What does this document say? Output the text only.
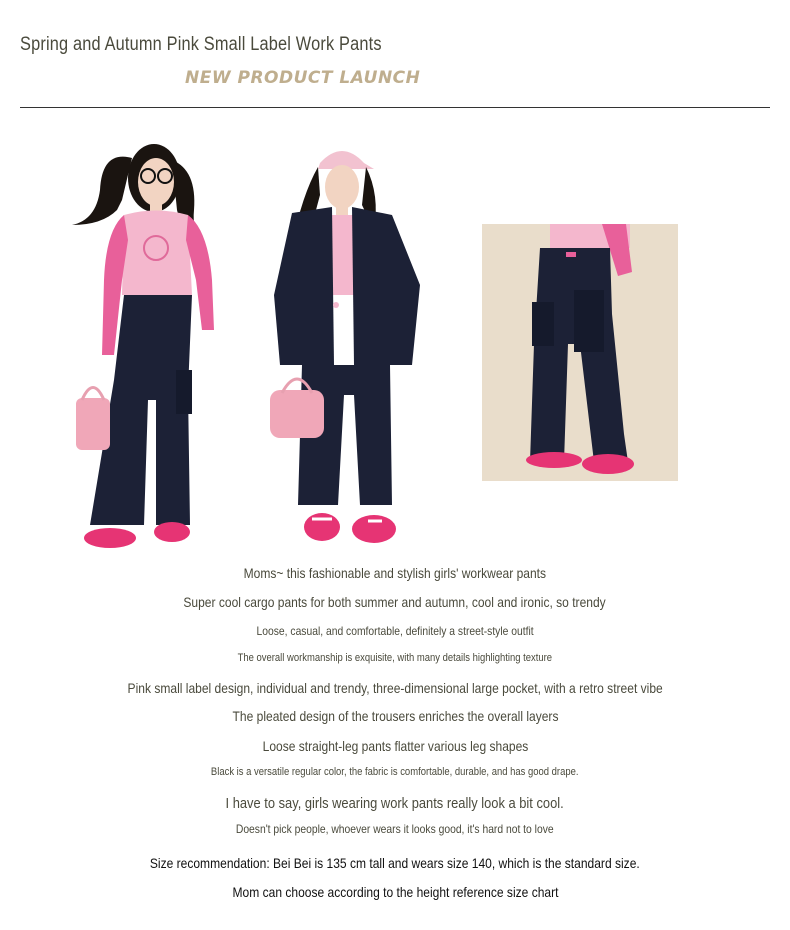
Spring and Autumn Pink Small Label Work Pants
NEW PRODUCT LAUNCH
Moms~ this fashionable and stylish girls' workwear pants
Super cool cargo pants for both summer and autumn, cool and ironic, so trendy
Loose, casual, and comfortable, definitely a street-style outfit
The overall workmanship is exquisite, with many details highlighting texture
Pink small label design, individual and trendy, three-dimensional large pocket, with a retro street vibe
The pleated design of the trousers enriches the overall layers
Loose straight-leg pants flatter various leg shapes
Black is a versatile regular color, the fabric is comfortable, durable, and has good drape.
I have to say, girls wearing work pants really look a bit cool.
Doesn't pick people, whoever wears it looks good, it's hard not to love
Size recommendation: Bei Bei is 135 cm tall and wears size 140, which is the standard size.
Mom can choose according to the height reference size chart
